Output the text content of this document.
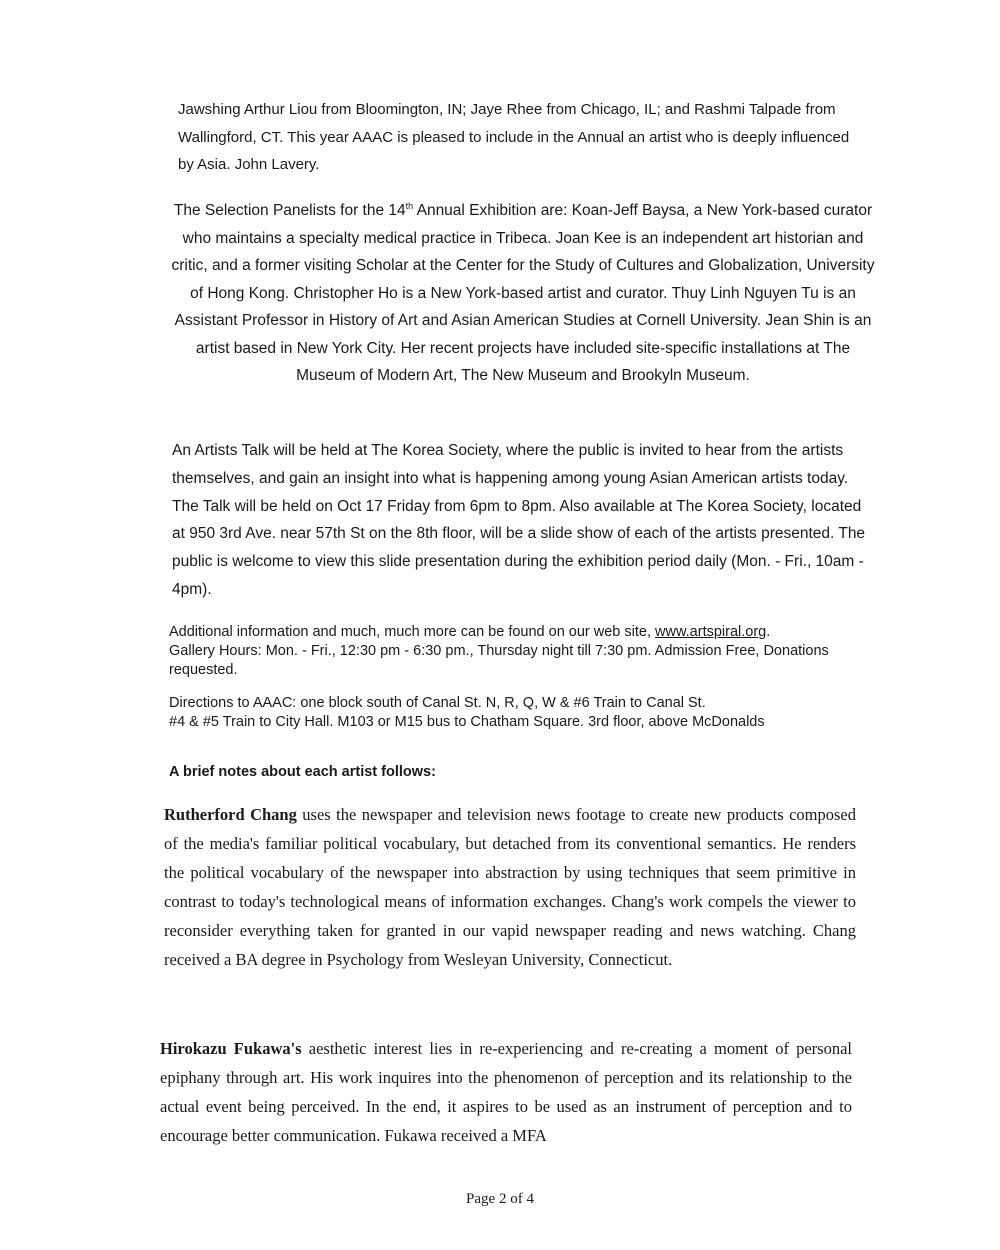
Jawshing Arthur Liou from Bloomington, IN; Jaye Rhee from Chicago, IL; and Rashmi Talpade from Wallingford, CT. This year AAAC is pleased to include in the Annual an artist who is deeply influenced by Asia. John Lavery.

The Selection Panelists for the 14th Annual Exhibition are: Koan-Jeff Baysa, a New York-based curator who maintains a specialty medical practice in Tribeca. Joan Kee is an independent art historian and critic, and a former visiting Scholar at the Center for the Study of Cultures and Globalization, University of Hong Kong. Christopher Ho is a New York-based artist and curator. Thuy Linh Nguyen Tu is an Assistant Professor in History of Art and Asian American Studies at Cornell University. Jean Shin is an artist based in New York City. Her recent projects have included site-specific installations at The Museum of Modern Art, The New Museum and Brookyln Museum.

An Artists Talk will be held at The Korea Society, where the public is invited to hear from the artists themselves, and gain an insight into what is happening among young Asian American artists today. The Talk will be held on Oct 17 Friday from 6pm to 8pm. Also available at The Korea Society, located at 950 3rd Ave. near 57th St on the 8th floor, will be a slide show of each of the artists presented. The public is welcome to view this slide presentation during the exhibition period daily (Mon. - Fri., 10am - 4pm).

Additional information and much, much more can be found on our web site, www.artspiral.org.
Gallery Hours: Mon. - Fri., 12:30 pm - 6:30 pm., Thursday night till 7:30 pm. Admission Free, Donations requested.

Directions to AAAC: one block south of Canal St. N, R, Q, W & #6 Train to Canal St.
#4 & #5 Train to City Hall. M103 or M15 bus to Chatham Square. 3rd floor, above McDonalds

A brief notes about each artist follows:

Rutherford Chang uses the newspaper and television news footage to create new products composed of the media's familiar political vocabulary, but detached from its conventional semantics. He renders the political vocabulary of the newspaper into abstraction by using techniques that seem primitive in contrast to today's technological means of information exchanges. Chang's work compels the viewer to reconsider everything taken for granted in our vapid newspaper reading and news watching. Chang received a BA degree in Psychology from Wesleyan University, Connecticut.

Hirokazu Fukawa's aesthetic interest lies in re-experiencing and re-creating a moment of personal epiphany through art. His work inquires into the phenomenon of perception and its relationship to the actual event being perceived. In the end, it aspires to be used as an instrument of perception and to encourage better communication. Fukawa received a MFA

Page 2 of 4
